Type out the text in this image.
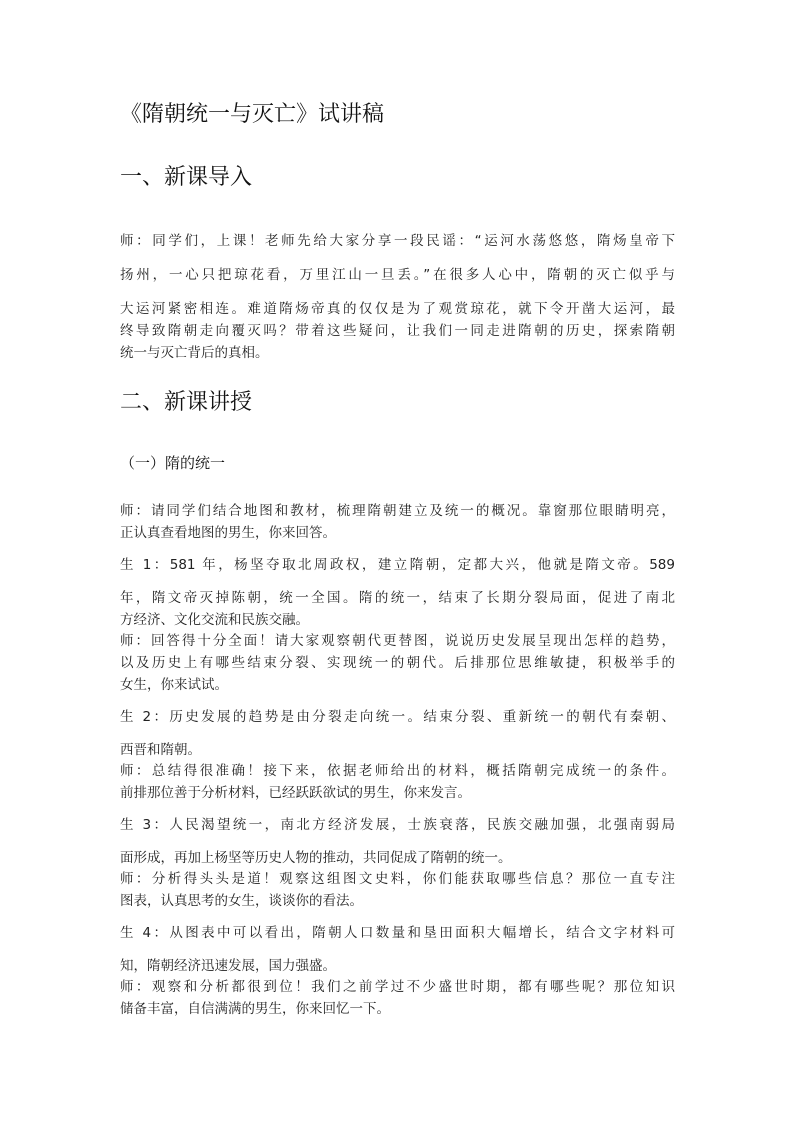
《隋朝统一与灭亡》试讲稿
一、新课导入
师：同学们，上课！老师先给大家分享一段民谣：“运河水荡悠悠，隋炀皇帝下
扬州，一心只把琼花看，万里江山一旦丢。”在很多人心中，隋朝的灭亡似乎与
大运河紧密相连。难道隋炀帝真的仅仅是为了观赏琼花，就下令开凿大运河，最
终导致隋朝走向覆灭吗？带着这些疑问，让我们一同走进隋朝的历史，探索隋朝
统一与灭亡背后的真相。
二、新课讲授
（一）隋的统一
师：请同学们结合地图和教材，梳理隋朝建立及统一的概况。靠窗那位眼睛明亮，
正认真查看地图的男生，你来回答。
生 1：581 年，杨坚夺取北周政权，建立隋朝，定都大兴，他就是隋文帝。589
年，隋文帝灭掉陈朝，统一全国。隋的统一，结束了长期分裂局面，促进了南北
方经济、文化交流和民族交融。
师：回答得十分全面！请大家观察朝代更替图，说说历史发展呈现出怎样的趋势，
以及历史上有哪些结束分裂、实现统一的朝代。后排那位思维敏捷，积极举手的
女生，你来试试。
生 2：历史发展的趋势是由分裂走向统一。结束分裂、重新统一的朝代有秦朝、
西晋和隋朝。
师：总结得很准确！接下来，依据老师给出的材料，概括隋朝完成统一的条件。
前排那位善于分析材料，已经跃跃欲试的男生，你来发言。
生 3：人民渴望统一，南北方经济发展，士族衰落，民族交融加强，北强南弱局
面形成，再加上杨坚等历史人物的推动，共同促成了隋朝的统一。
师：分析得头头是道！观察这组图文史料，你们能获取哪些信息？那位一直专注
图表，认真思考的女生，谈谈你的看法。
生 4：从图表中可以看出，隋朝人口数量和垦田面积大幅增长，结合文字材料可
知，隋朝经济迅速发展，国力强盛。
师：观察和分析都很到位！我们之前学过不少盛世时期，都有哪些呢？那位知识
储备丰富，自信满满的男生，你来回忆一下。
